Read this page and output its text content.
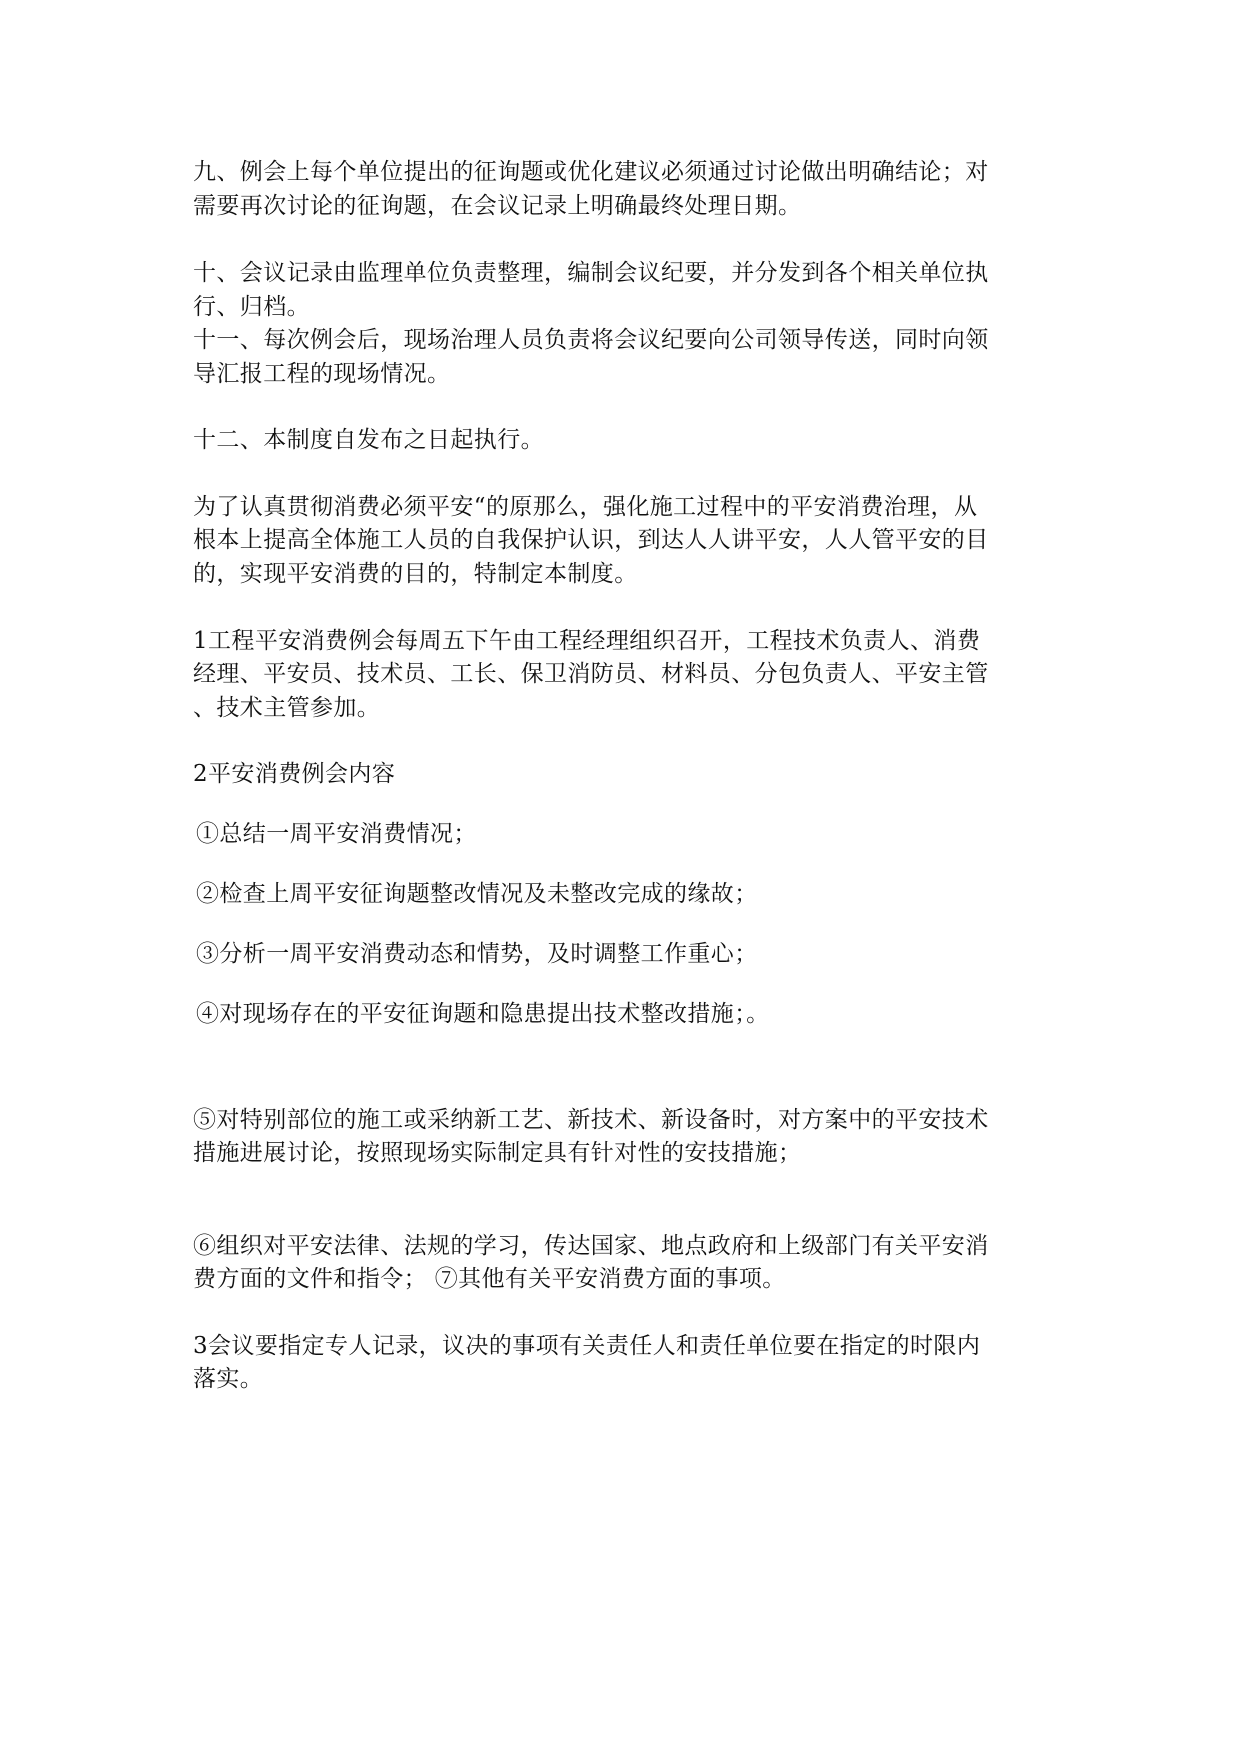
九、例会上每个单位提出的征询题或优化建议必须通过讨论做出明确结论；对
需要再次讨论的征询题，在会议记录上明确最终处理日期。
十、会议记录由监理单位负责整理，编制会议纪要，并分发到各个相关单位执
行、归档。
十一、每次例会后，现场治理人员负责将会议纪要向公司领导传送，同时向领
导汇报工程的现场情况。
十二、本制度自发布之日起执行。
为了认真贯彻消费必须平安“的原那么，强化施工过程中的平安消费治理，从
根本上提高全体施工人员的自我保护认识，到达人人讲平安，人人管平安的目
的，实现平安消费的目的，特制定本制度。
1工程平安消费例会每周五下午由工程经理组织召开，工程技术负责人、消费
经理、平安员、技术员、工长、保卫消防员、材料员、分包负责人、平安主管
、技术主管参加。
2平安消费例会内容
①总结一周平安消费情况；
②检查上周平安征询题整改情况及未整改完成的缘故；
③分析一周平安消费动态和情势，及时调整工作重心；
④对现场存在的平安征询题和隐患提出技术整改措施；。
⑤对特别部位的施工或采纳新工艺、新技术、新设备时，对方案中的平安技术
措施进展讨论，按照现场实际制定具有针对性的安技措施；
⑥组织对平安法律、法规的学习，传达国家、地点政府和上级部门有关平安消
费方面的文件和指令； ⑦其他有关平安消费方面的事项。
3会议要指定专人记录，议决的事项有关责任人和责任单位要在指定的时限内
落实。
